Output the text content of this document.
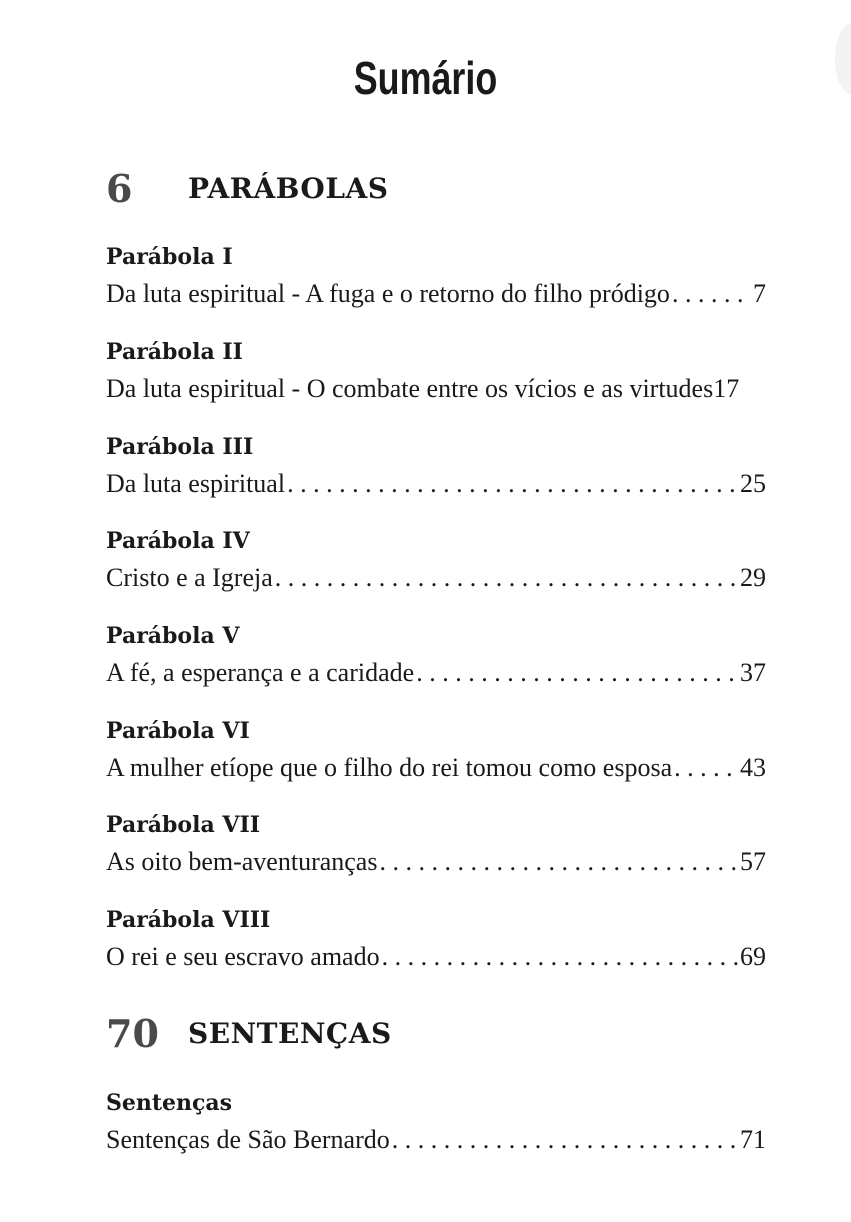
Sumário
6	PARÁBOLAS
Parábola I
Da luta espiritual - A fuga e o retorno do filho pródigo . . .	7
Parábola II
Da luta espiritual - O combate entre os vícios e as virtudes 17
Parábola III
Da luta espiritual . . .	25
Parábola IV
Cristo e a Igreja . . .	29
Parábola V
A fé, a esperança e a caridade . . .	37
Parábola VI
A mulher etíope que o filho do rei tomou como esposa . . .	43
Parábola VII
As oito bem-aventuranças . . .	57
Parábola VIII
O rei e seu escravo amado . . .	69
70	SENTENÇAS
Sentenças
Sentenças de São Bernardo . . .	71
